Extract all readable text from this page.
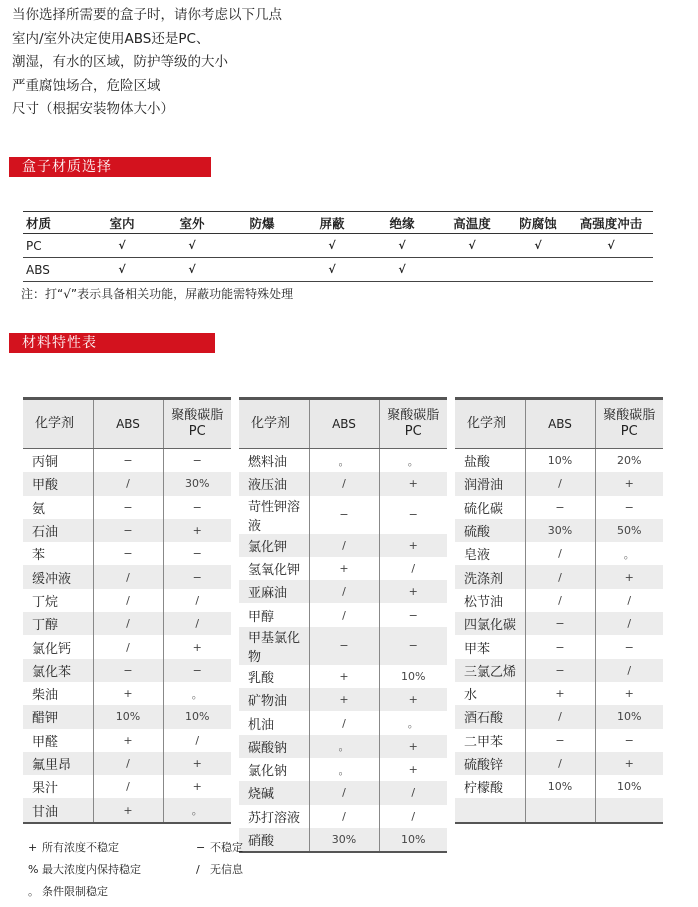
当你选择所需要的盒子时，请你考虑以下几点
室内/室外决定使用ABS还是PC、
潮湿，有水的区域，防护等级的大小
严重腐蚀场合，危险区域
尺寸（根据安装物体大小）
盒子材质选择
材质	室内	室外	防爆	屏蔽	绝缘	高温度	防腐蚀	高强度冲击
PC	√	√		√	√	√	√	√
ABS	√	√		√	√			
注：打“√”表示具备相关功能，屏蔽功能需特殊处理
材料特性表
化学剂	ABS	聚酸碳脂
PC
丙铜	−	−
甲酸	/	30%
氨	−	−
石油	−	+
苯	−	−
缓冲液	/	−
丁烷	/	/
丁醇	/	/
氯化钙	/	+
氯化苯	−	−
柴油	+	。
醋钾	10%	10%
甲醛	+	/
氟里昂	/	+
果汁	/	+
甘油	+	。
化学剂	ABS	聚酸碳脂
PC
燃料油	。	。
液压油	/	+
苛性钾溶液	−	−
氯化钾	/	+
氢氧化钾	+	/
亚麻油	/	+
甲醇	/	−
甲基氯化物	−	−
乳酸	+	10%
矿物油	+	+
机油	/	。
碳酸钠	。	+
氯化钠	。	+
烧碱	/	/
苏打溶液	/	/
硝酸	30%	10%
化学剂	ABS	聚酸碳脂
PC
盐酸	10%	20%
润滑油	/	+
硫化碳	−	−
硫酸	30%	50%
皂液	/	。
洗涤剂	/	+
松节油	/	/
四氯化碳	−	/
甲苯	−	−
三氯乙烯	−	/
水	+	+
酒石酸	/	10%
二甲苯	−	−
硫酸锌	/	+
柠檬酸	10%	10%

+ 所有浓度不稳定	− 不稳定
% 最大浓度内保持稳定	/ 无信息
。 条件限制稳定
